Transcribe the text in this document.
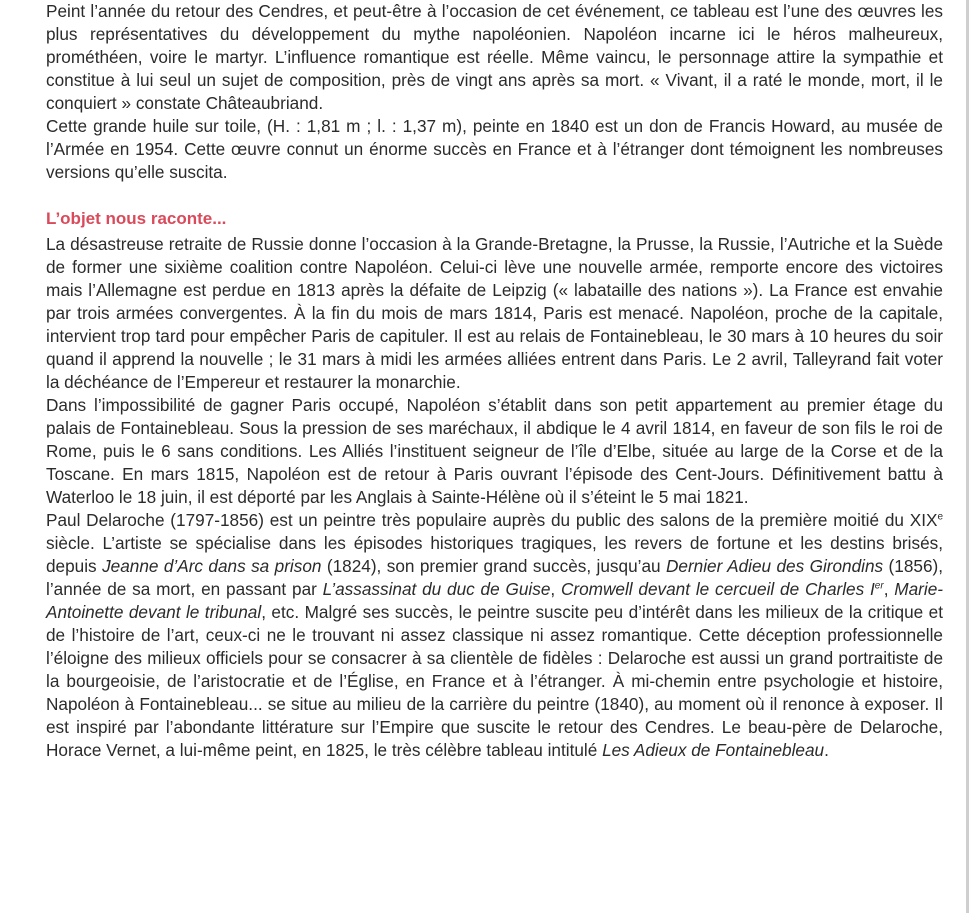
Peint l’année du retour des Cendres, et peut-être à l’occasion de cet événement, ce tableau est l’une des œuvres les plus représentatives du développement du mythe napoléonien. Napoléon incarne ici le héros malheureux, prométhéen, voire le martyr. L’influence romantique est réelle. Même vaincu, le personnage attire la sympathie et constitue à lui seul un sujet de composition, près de vingt ans après sa mort. « Vivant, il a raté le monde, mort, il le conquiert » constate Châteaubriand.

Cette grande huile sur toile, (H. : 1,81 m ; l. : 1,37 m), peinte en 1840 est un don de Francis Howard, au musée de l’Armée en 1954. Cette œuvre connut un énorme succès en France et à l’étranger dont témoignent les nombreuses versions qu’elle suscita.

L’objet nous raconte...

La désastreuse retraite de Russie donne l’occasion à la Grande-Bretagne, la Prusse, la Russie, l’Autriche et la Suède de former une sixième coalition contre Napoléon. Celui-ci lève une nouvelle armée, remporte encore des victoires mais l’Allemagne est perdue en 1813 après la défaite de Leipzig (« labataille des nations »). La France est envahie par trois armées convergentes. À la fin du mois de mars 1814, Paris est menacé. Napoléon, proche de la capitale, intervient trop tard pour empêcher Paris de capituler. Il est au relais de Fontainebleau, le 30 mars à 10 heures du soir quand il apprend la nouvelle ; le 31 mars à midi les armées alliées entrent dans Paris. Le 2 avril, Talleyrand fait voter la déchéance de l’Empereur et restaurer la monarchie.

Dans l’impossibilité de gagner Paris occupé, Napoléon s’établit dans son petit appartement au premier étage du palais de Fontainebleau. Sous la pression de ses maréchaux, il abdique le 4 avril 1814, en faveur de son fils le roi de Rome, puis le 6 sans conditions. Les Alliés l’instituent seigneur de l’île d’Elbe, située au large de la Corse et de la Toscane. En mars 1815, Napoléon est de retour à Paris ouvrant l’épisode des Cent-Jours. Définitivement battu à Waterloo le 18 juin, il est déporté par les Anglais à Sainte-Hélène où il s’éteint le 5 mai 1821.

Paul Delaroche (1797-1856) est un peintre très populaire auprès du public des salons de la première moitié du XIXe siècle. L’artiste se spécialise dans les épisodes historiques tragiques, les revers de fortune et les destins brisés, depuis Jeanne d’Arc dans sa prison (1824), son premier grand succès, jusqu’au Dernier Adieu des Girondins (1856), l’année de sa mort, en passant par L’assassinat du duc de Guise, Cromwell devant le cercueil de Charles Ier, Marie-Antoinette devant le tribunal, etc. Malgré ses succès, le peintre suscite peu d’intérêt dans les milieux de la critique et de l’histoire de l’art, ceux-ci ne le trouvant ni assez classique ni assez romantique. Cette déception professionnelle l’éloigne des milieux officiels pour se consacrer à sa clientèle de fidèles : Delaroche est aussi un grand portraitiste de la bourgeoisie, de l’aristocratie et de l’Église, en France et à l’étranger. À mi-chemin entre psychologie et histoire, Napoléon à Fontainebleau... se situe au milieu de la carrière du peintre (1840), au moment où il renonce à exposer. Il est inspiré par l’abondante littérature sur l’Empire que suscite le retour des Cendres. Le beau-père de Delaroche, Horace Vernet, a lui-même peint, en 1825, le très célèbre tableau intitulé Les Adieux de Fontainebleau.
